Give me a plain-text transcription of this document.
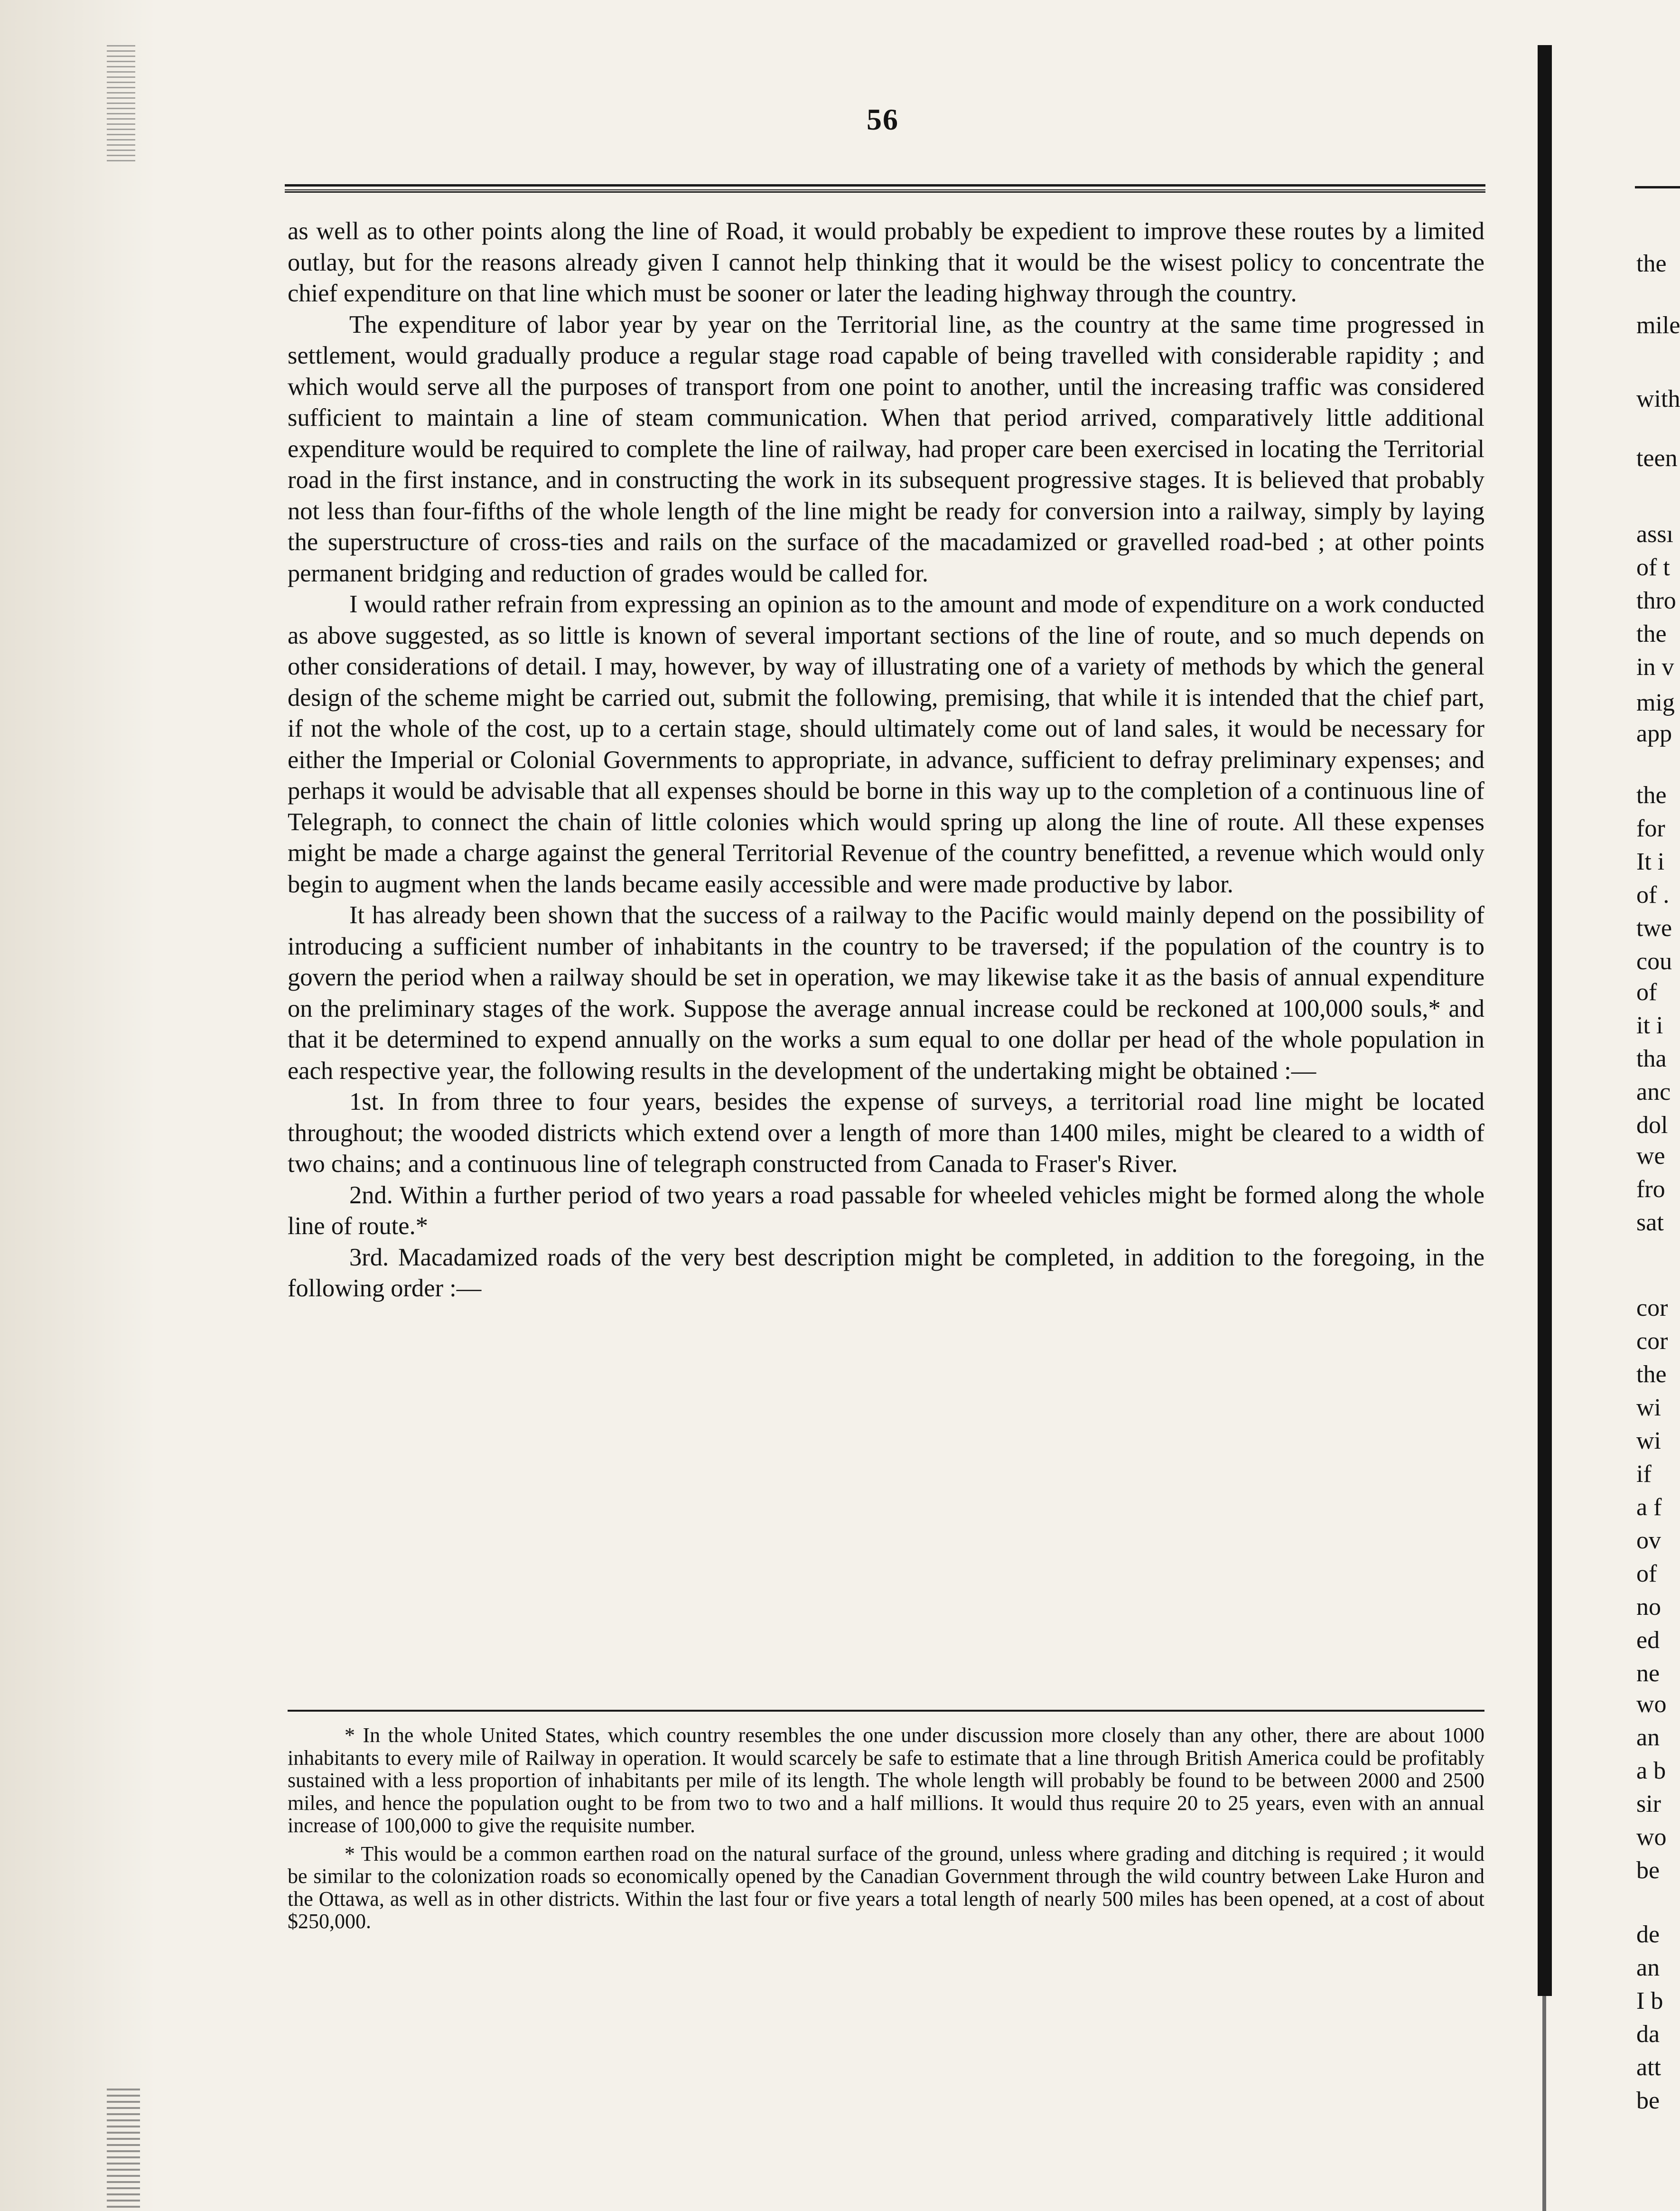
56

as well as to other points along the line of Road, it would probably be expedient to improve these routes by a limited outlay, but for the reasons already given I cannot help thinking that it would be the wisest policy to concentrate the chief expenditure on that line which must be sooner or later the leading highway through the country.

The expenditure of labor year by year on the Territorial line, as the country at the same time progressed in settlement, would gradually produce a regular stage road capable of being travelled with considerable rapidity ; and which would serve all the purposes of transport from one point to another, until the increasing traffic was considered sufficient to maintain a line of steam communication. When that period arrived, comparatively little additional expenditure would be required to complete the line of railway, had proper care been exercised in locating the Territorial road in the first instance, and in constructing the work in its subsequent progressive stages. It is believed that probably not less than four-fifths of the whole length of the line might be ready for conversion into a railway, simply by laying the superstructure of cross-ties and rails on the surface of the macadamized or gravelled road-bed ; at other points permanent bridging and reduction of grades would be called for.

I would rather refrain from expressing an opinion as to the amount and mode of expenditure on a work conducted as above suggested, as so little is known of several important sections of the line of route, and so much depends on other considerations of detail. I may, however, by way of illustrating one of a variety of methods by which the general design of the scheme might be carried out, submit the following, premising, that while it is intended that the chief part, if not the whole of the cost, up to a certain stage, should ultimately come out of land sales, it would be necessary for either the Imperial or Colonial Governments to appropriate, in advance, sufficient to defray preliminary expenses; and perhaps it would be advisable that all expenses should be borne in this way up to the completion of a continuous line of Telegraph, to connect the chain of little colonies which would spring up along the line of route. All these expenses might be made a charge against the general Territorial Revenue of the country benefitted, a revenue which would only begin to augment when the lands became easily accessible and were made productive by labor.

It has already been shown that the success of a railway to the Pacific would mainly depend on the possibility of introducing a sufficient number of inhabitants in the country to be traversed; if the population of the country is to govern the period when a railway should be set in operation, we may likewise take it as the basis of annual expenditure on the preliminary stages of the work. Suppose the average annual increase could be reckoned at 100,000 souls,* and that it be determined to expend annually on the works a sum equal to one dollar per head of the whole population in each respective year, the following results in the development of the undertaking might be obtained :—

1st. In from three to four years, besides the expense of surveys, a territorial road line might be located throughout; the wooded districts which extend over a length of more than 1400 miles, might be cleared to a width of two chains; and a continuous line of telegraph constructed from Canada to Fraser's River.

2nd. Within a further period of two years a road passable for wheeled vehicles might be formed along the whole line of route.*

3rd. Macadamized roads of the very best description might be completed, in addition to the foregoing, in the following order :—

* In the whole United States, which country resembles the one under discussion more closely than any other, there are about 1000 inhabitants to every mile of Railway in operation. It would scarcely be safe to estimate that a line through British America could be profitably sustained with a less proportion of inhabitants per mile of its length. The whole length will probably be found to be between 2000 and 2500 miles, and hence the population ought to be from two to two and a half millions. It would thus require 20 to 25 years, even with an annual increase of 100,000 to give the requisite number.

* This would be a common earthen road on the natural surface of the ground, unless where grading and ditching is required ; it would be similar to the colonization roads so economically opened by the Canadian Government through the wild country between Lake Huron and the Ottawa, as well as in other districts. Within the last four or five years a total length of nearly 500 miles has been opened, at a cost of about $250,000.

the
mile
with
teen
assı
of t
thro
the
in v
mig
app
the
for
It i
of .
twe
cou
of
it i
tha
anc
dol
we
fro
sat
cor
cor
the
wi
wi
if
a f
ov
of
no
ed
ne
wo
an
a b
sir
wo
be
de
an
I b
da
att
be
